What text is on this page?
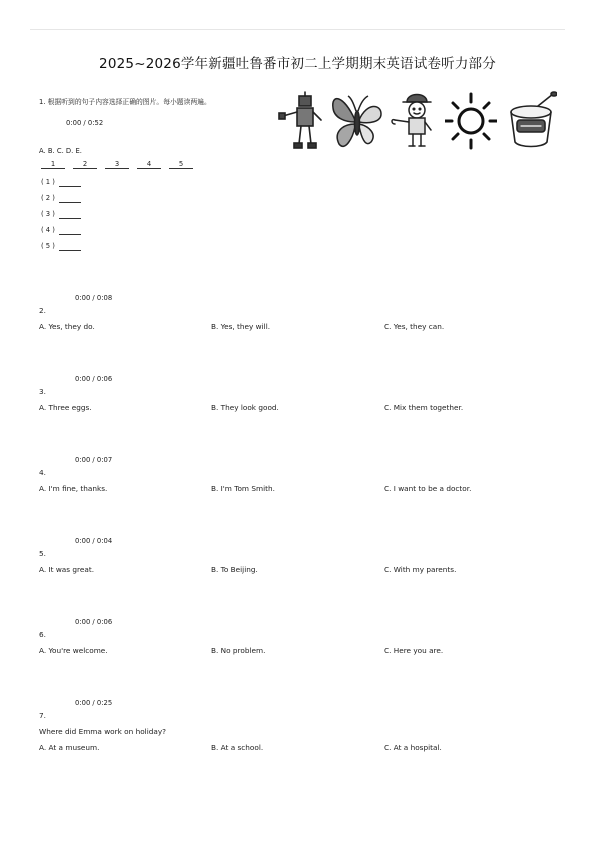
2025~2026学年新疆吐鲁番市初二上学期期末英语试卷听力部分
1. 根据听到的句子内容选择正确的图片。每小题读两遍。
0:00 / 0:52
A. B. C. D. E.
1	2	3	4	5
( 1 )
( 2 )
( 3 )
( 4 )
( 5 )
0:00 / 0:08
2.
A. Yes, they do.	B. Yes, they will.	C. Yes, they can.
0:00 / 0:06
3.
A. Three eggs.	B. They look good.	C. Mix them together.
0:00 / 0:07
4.
A. I'm fine, thanks.	B. I'm Tom Smith.	C. I want to be a doctor.
0:00 / 0:04
5.
A. It was great.	B. To Beijing.	C. With my parents.
0:00 / 0:06
6.
A. You're welcome.	B. No problem.	C. Here you are.
0:00 / 0:25
7.
Where did Emma work on holiday?
A. At a museum.	B. At a school.	C. At a hospital.
